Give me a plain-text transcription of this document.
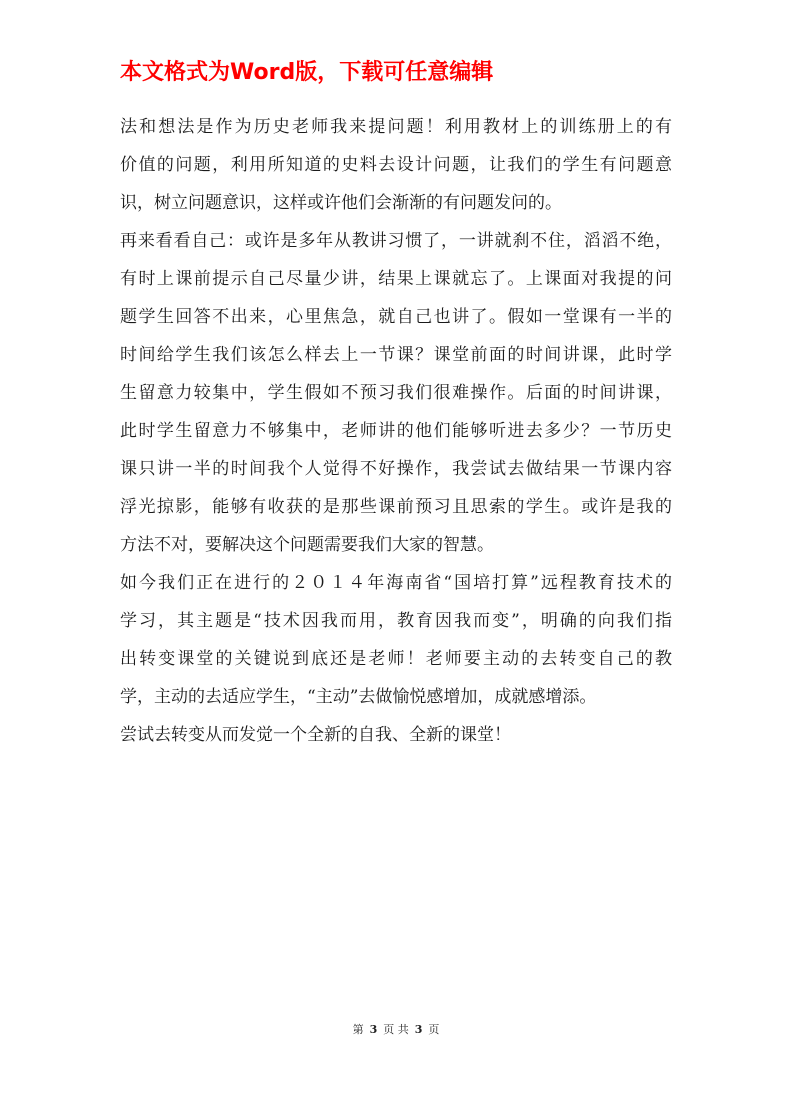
本文格式为Word版，下载可任意编辑
法和想法是作为历史老师我来提问题！利用教材上的训练册上的有
价值的问题，利用所知道的史料去设计问题，让我们的学生有问题意
识，树立问题意识，这样或许他们会渐渐的有问题发问的。
再来看看自己：或许是多年从教讲习惯了，一讲就刹不住，滔滔不绝，
有时上课前提示自己尽量少讲，结果上课就忘了。上课面对我提的问
题学生回答不出来，心里焦急，就自己也讲了。假如一堂课有一半的
时间给学生我们该怎么样去上一节课？课堂前面的时间讲课，此时学
生留意力较集中，学生假如不预习我们很难操作。后面的时间讲课，
此时学生留意力不够集中，老师讲的他们能够听进去多少？一节历史
课只讲一半的时间我个人觉得不好操作，我尝试去做结果一节课内容
浮光掠影，能够有收获的是那些课前预习且思索的学生。或许是我的
方法不对，要解决这个问题需要我们大家的智慧。
如今我们正在进行的２０１４年海南省“国培打算”远程教育技术的
学习，其主题是“技术因我而用，教育因我而变”，明确的向我们指
出转变课堂的关键说到底还是老师！老师要主动的去转变自己的教
学，主动的去适应学生，“主动”去做愉悦感增加，成就感增添。
尝试去转变从而发觉一个全新的自我、全新的课堂！
第 3 页 共 3 页
